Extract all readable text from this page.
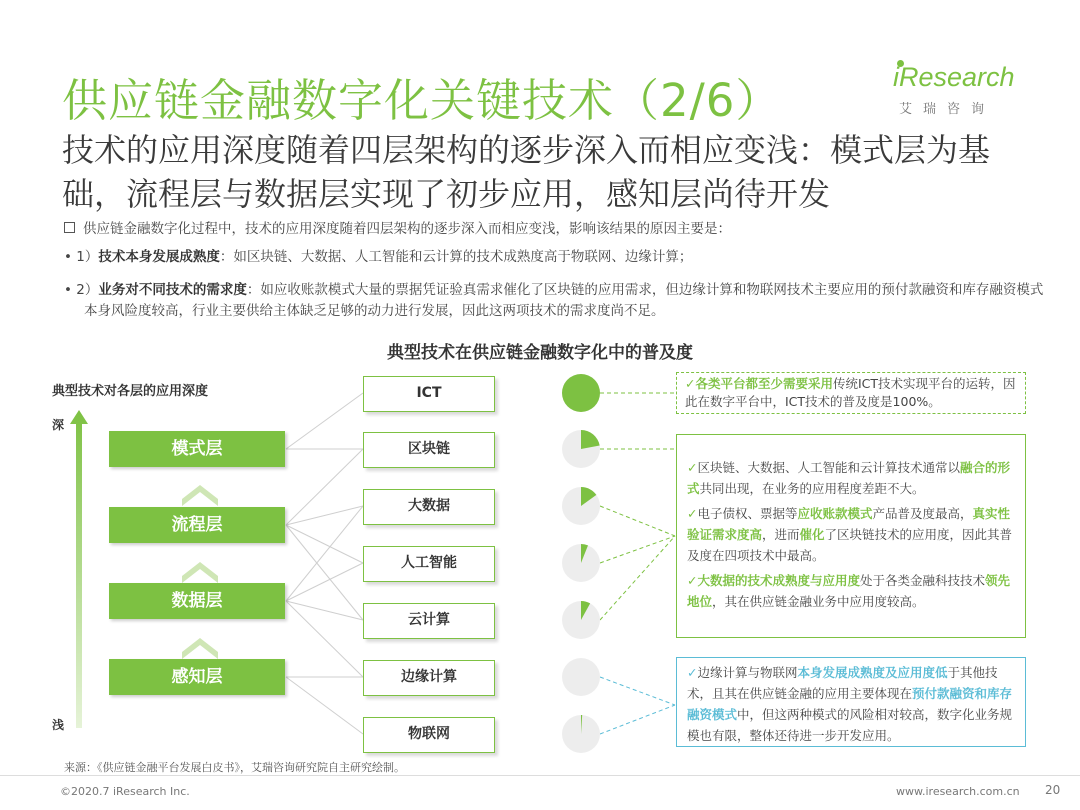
供应链金融数字化关键技术（2/6）	iResearch
艾瑞咨询
技术的应用深度随着四层架构的逐步深入而相应变浅：模式层为基础，流程层与数据层实现了初步应用，感知层尚待开发
供应链金融数字化过程中，技术的应用深度随着四层架构的逐步深入而相应变浅，影响该结果的原因主要是：
• 1）技术本身发展成熟度：如区块链、大数据、人工智能和云计算的技术成熟度高于物联网、边缘计算；
• 2）业务对不同技术的需求度：如应收账款模式大量的票据凭证验真需求催化了区块链的应用需求，但边缘计算和物联网技术主要应用的预付款融资和库存融资模式本身风险度较高，行业主要供给主体缺乏足够的动力进行发展，因此这两项技术的需求度尚不足。
典型技术在供应链金融数字化中的普及度
典型技术对各层的应用深度
深
浅
模式层
流程层
数据层
感知层
ICT
区块链
大数据
人工智能
云计算
边缘计算
物联网
✓各类平台都至少需要采用传统ICT技术实现平台的运转，因此在数字平台中，ICT技术的普及度是100%。

✓区块链、大数据、人工智能和云计算技术通常以融合的形式共同出现，在业务的应用程度差距不大。

✓电子债权、票据等应收账款模式产品普及度最高，真实性验证需求度高，进而催化了区块链技术的应用度，因此其普及度在四项技术中最高。

✓大数据的技术成熟度与应用度处于各类金融科技技术领先地位，其在供应链金融业务中应用度较高。

✓边缘计算与物联网本身发展成熟度及应用度低于其他技术，且其在供应链金融的应用主要体现在预付款融资和库存融资模式中，但这两种模式的风险相对较高，数字化业务规模也有限，整体还待进一步开发应用。
来源：《供应链金融平台发展白皮书》，艾瑞咨询研究院自主研究绘制。
©2020.7 iResearch Inc.	www.iresearch.com.cn 20
